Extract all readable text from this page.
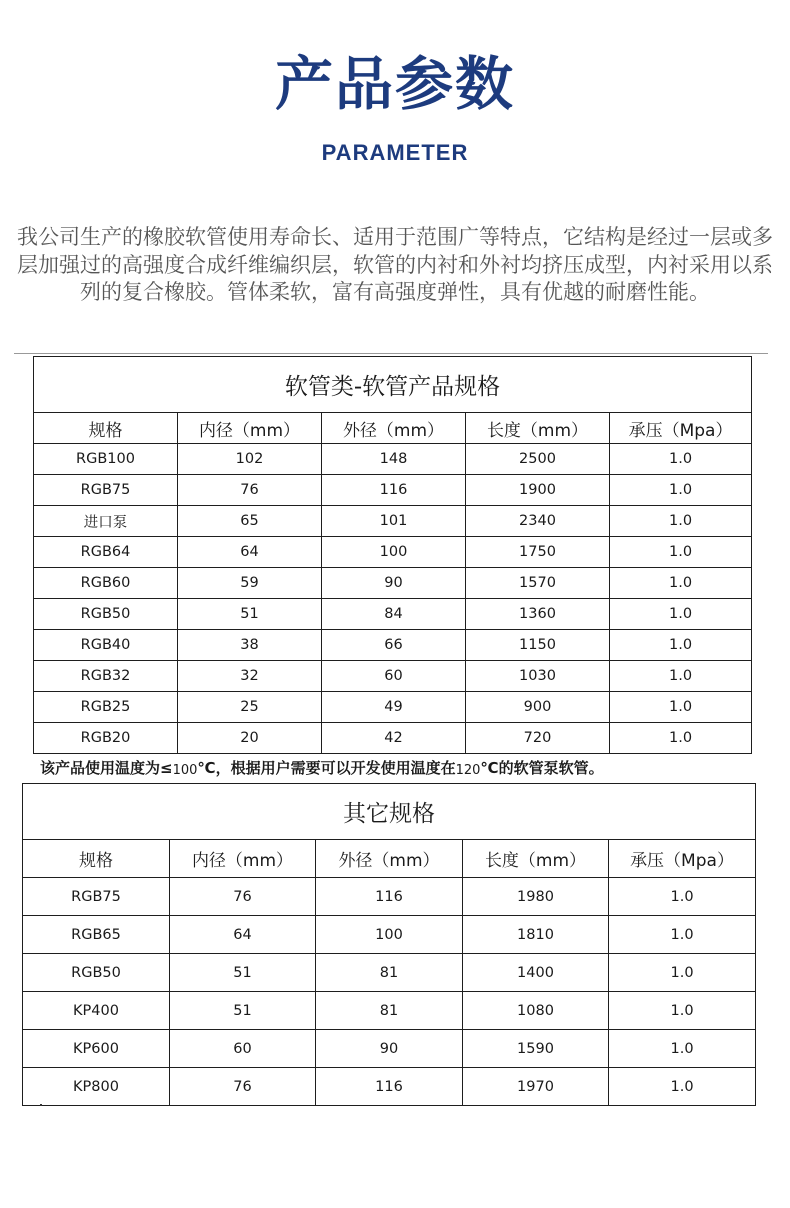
产品参数
PARAMETER
我公司生产的橡胶软管使用寿命长、适用于范围广等特点，它结构是经过一层或多层加强过的高强度合成纤维编织层，软管的内衬和外衬均挤压成型，内衬采用以系列的复合橡胶。管体柔软，富有高强度弹性，具有优越的耐磨性能。
软管类-软管产品规格				
规格	内径（mm）	外径（mm）	长度（mm）	承压（Mpa）
RGB100	102	148	2500	1.0
RGB75	76	116	1900	1.0
进口泵	65	101	2340	1.0
RGB64	64	100	1750	1.0
RGB60	59	90	1570	1.0
RGB50	51	84	1360	1.0
RGB40	38	66	1150	1.0
RGB32	32	60	1030	1.0
RGB25	25	49	900	1.0
RGB20	20	42	720	1.0
该产品使用温度为≤100℃，根据用户需要可以开发使用温度在120℃的软管泵软管。
其它规格				
规格	内径（mm）	外径（mm）	长度（mm）	承压（Mpa）
RGB75	76	116	1980	1.0
RGB65	64	100	1810	1.0
RGB50	51	81	1400	1.0
KP400	51	81	1080	1.0
KP600	60	90	1590	1.0
KP800	76	116	1970	1.0
